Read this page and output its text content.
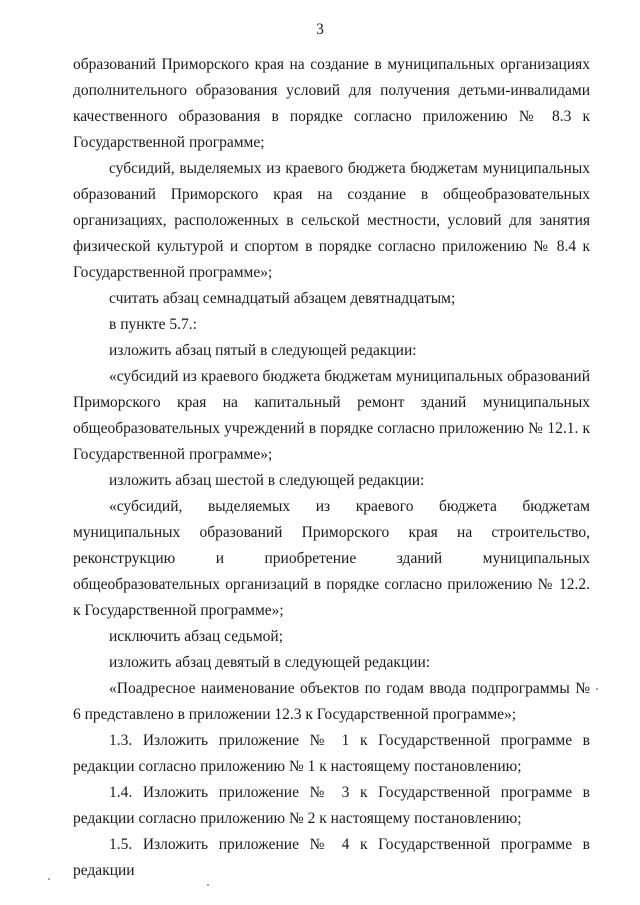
3

образований Приморского края на создание в муниципальных организациях дополнительного образования условий для получения детьми-инвалидами качественного образования в порядке согласно приложению № 8.3 к Государственной программе;

субсидий, выделяемых из краевого бюджета бюджетам муниципальных образований Приморского края на создание в общеобразовательных организациях, расположенных в сельской местности, условий для занятия физической культурой и спортом в порядке согласно приложению № 8.4 к Государственной программе»;

считать абзац семнадцатый абзацем девятнадцатым;

в пункте 5.7.:

изложить абзац пятый в следующей редакции:

«субсидий из краевого бюджета бюджетам муниципальных образований Приморского края на капитальный ремонт зданий муниципальных общеобразовательных учреждений в порядке согласно приложению № 12.1. к Государственной программе»;

изложить абзац шестой в следующей редакции:

«субсидий, выделяемых из краевого бюджета бюджетам муниципальных образований Приморского края на строительство, реконструкцию и приобретение зданий муниципальных общеобразовательных организаций в порядке согласно приложению № 12.2. к Государственной программе»;

исключить абзац седьмой;

изложить абзац девятый в следующей редакции:

«Поадресное наименование объектов по годам ввода подпрограммы № 6 представлено в приложении 12.3 к Государственной программе»;

1.3. Изложить приложение № 1 к Государственной программе в редакции согласно приложению № 1 к настоящему постановлению;

1.4. Изложить приложение № 3 к Государственной программе в редакции согласно приложению № 2 к настоящему постановлению;

1.5. Изложить приложение № 4 к Государственной программе в редакции
